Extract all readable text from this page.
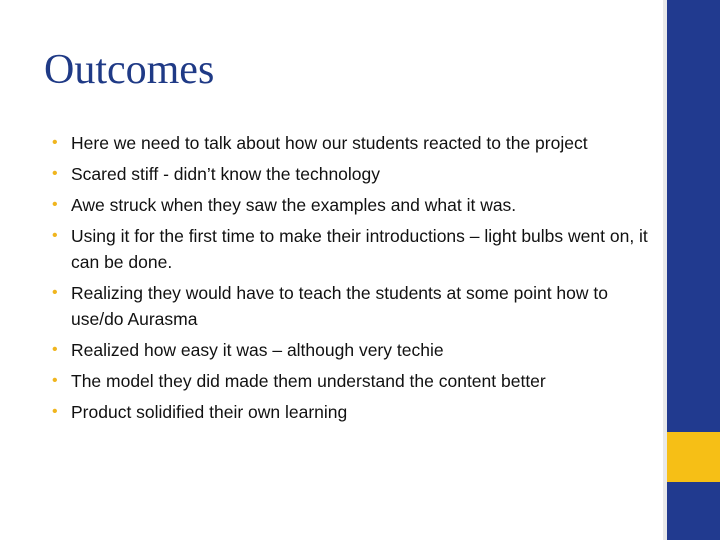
Outcomes
• Here we need to talk about how our students reacted to the project
• Scared stiff - didn’t know the technology
• Awe struck when they saw the examples and what it was.
• Using it for the first time to make their introductions – light bulbs went on, it can be done.
• Realizing they would have to teach the students at some point how to use/do Aurasma
• Realized how easy it was – although very techie
• The model they did made them understand the content better
• Product solidified their own learning
